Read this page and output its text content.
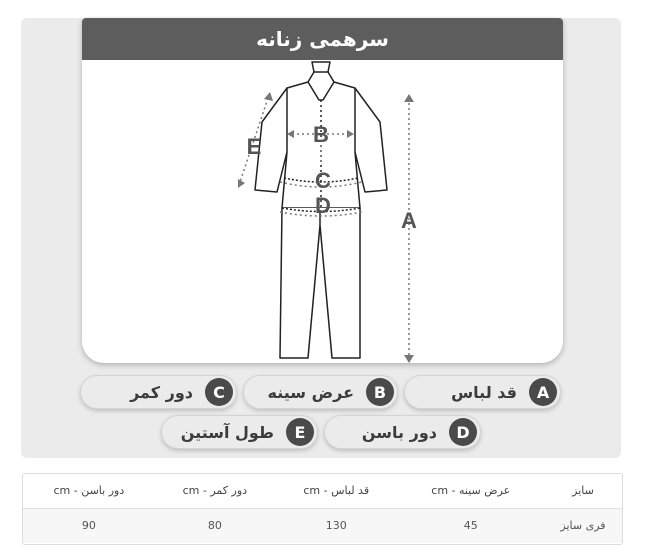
سرهمی زنانه
B
C
D
A
E
A
قد لباس
B
عرض سینه
C
دور کمر
D
دور باسن
E
طول آستین
سایز	عرض سینه - cm	قد لباس - cm	دور کمر - cm	دور باسن - cm
فری سایز	45	130	80	90
